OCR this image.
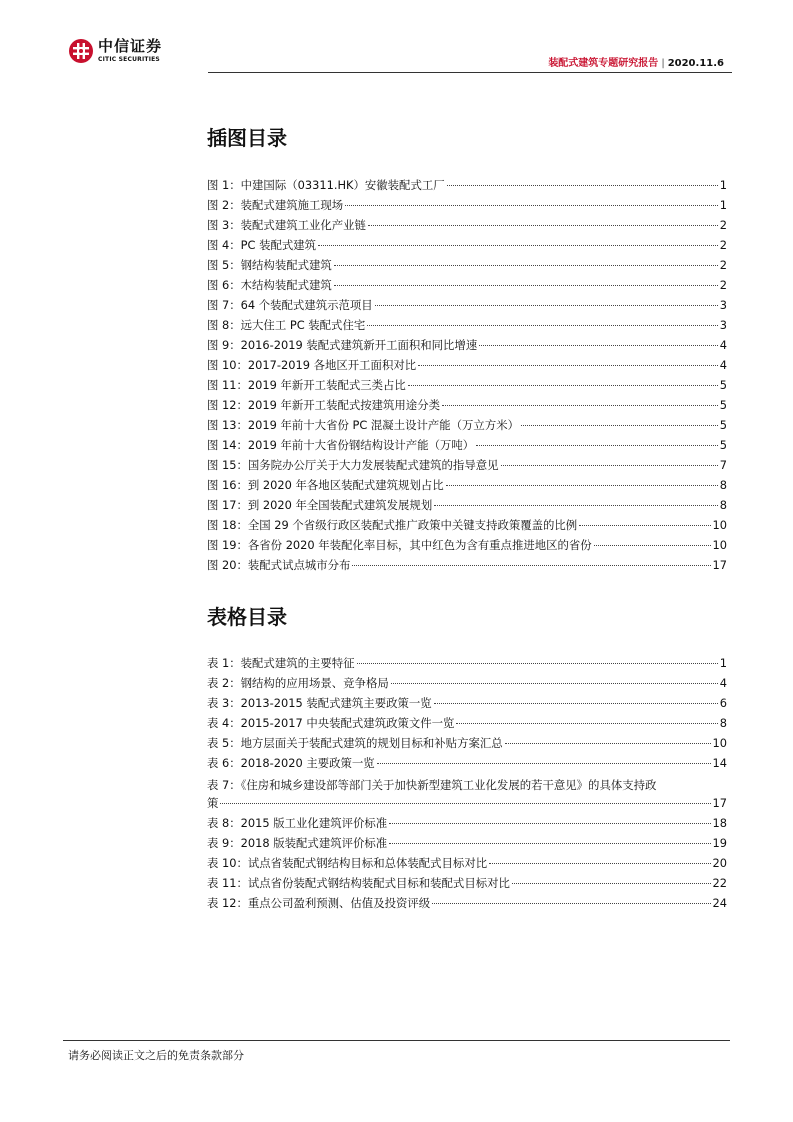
中信证券
CITIC SECURITIES	装配式建筑专题研究报告 | 2020.11.6
插图目录
图 1：中建国际（03311.HK）安徽装配式工厂	1
图 2：装配式建筑施工现场	1
图 3：装配式建筑工业化产业链	2
图 4：PC 装配式建筑	2
图 5：钢结构装配式建筑	2
图 6：木结构装配式建筑	2
图 7：64 个装配式建筑示范项目	3
图 8：远大住工 PC 装配式住宅	3
图 9：2016-2019 装配式建筑新开工面积和同比增速	4
图 10：2017-2019 各地区开工面积对比	4
图 11：2019 年新开工装配式三类占比	5
图 12：2019 年新开工装配式按建筑用途分类	5
图 13：2019 年前十大省份 PC 混凝土设计产能（万立方米）	5
图 14：2019 年前十大省份钢结构设计产能（万吨）	5
图 15：国务院办公厅关于大力发展装配式建筑的指导意见	7
图 16：到 2020 年各地区装配式建筑规划占比	8
图 17：到 2020 年全国装配式建筑发展规划	8
图 18：全国 29 个省级行政区装配式推广政策中关键支持政策覆盖的比例	10
图 19：各省份 2020 年装配化率目标，其中红色为含有重点推进地区的省份	10
图 20：装配式试点城市分布	17
表格目录
表 1：装配式建筑的主要特征	1
表 2：钢结构的应用场景、竞争格局	4
表 3：2013-2015 装配式建筑主要政策一览	6
表 4：2015-2017 中央装配式建筑政策文件一览	8
表 5：地方层面关于装配式建筑的规划目标和补贴方案汇总	10
表 6：2018-2020 主要政策一览	14
表 7：《住房和城乡建设部等部门关于加快新型建筑工业化发展的若干意见》的具体支持政
策	17
表 8：2015 版工业化建筑评价标准	18
表 9：2018 版装配式建筑评价标准	19
表 10：试点省装配式钢结构目标和总体装配式目标对比	20
表 11：试点省份装配式钢结构装配式目标和装配式目标对比	22
表 12：重点公司盈利预测、估值及投资评级	24
请务必阅读正文之后的免责条款部分
